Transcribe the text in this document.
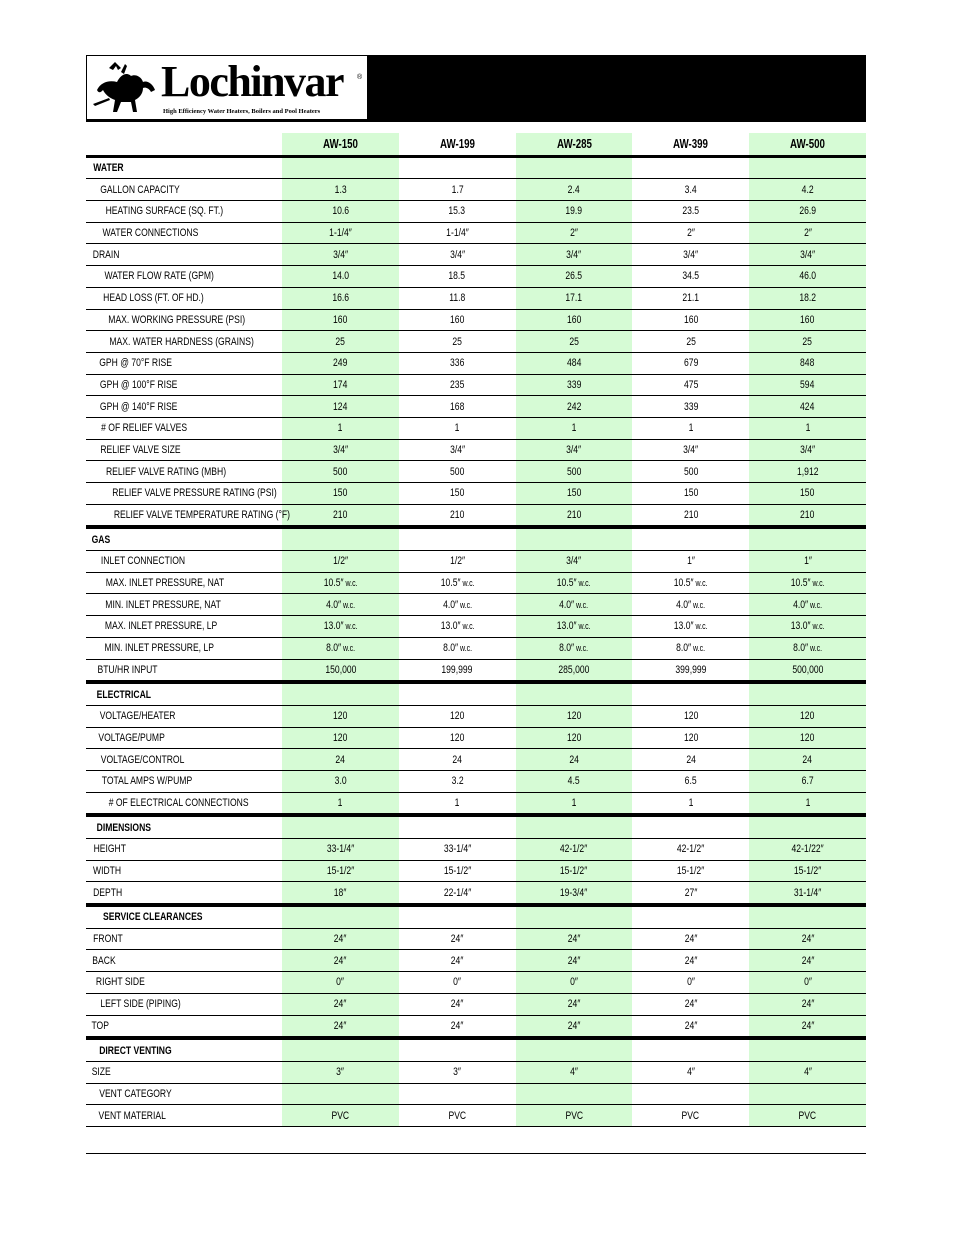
Lochinvar ®
High Efficiency Water Heaters, Boilers and Pool Heaters
AW-150	AW-199	AW-285	AW-399	AW-500
WATER
GALLON CAPACITY	1.3	1.7	2.4	3.4	4.2
HEATING SURFACE (SQ. FT.)	10.6	15.3	19.9	23.5	26.9
WATER CONNECTIONS	1-1/4″	1-1/4″	2″	2″	2″
DRAIN	3/4″	3/4″	3/4″	3/4″	3/4″
WATER FLOW RATE (GPM)	14.0	18.5	26.5	34.5	46.0
HEAD LOSS (FT. OF HD.)	16.6	11.8	17.1	21.1	18.2
MAX. WORKING PRESSURE (PSI)	160	160	160	160	160
MAX. WATER HARDNESS (GRAINS)	25	25	25	25	25
GPH @ 70°F RISE	249	336	484	679	848
GPH @ 100°F RISE	174	235	339	475	594
GPH @ 140°F RISE	124	168	242	339	424
# OF RELIEF VALVES	1	1	1	1	1
RELIEF VALVE SIZE	3/4″	3/4″	3/4″	3/4″	3/4″
RELIEF VALVE RATING (MBH)	500	500	500	500	1,912
RELIEF VALVE PRESSURE RATING (PSI)	150	150	150	150	150
RELIEF VALVE TEMPERATURE RATING (°F)	210	210	210	210	210
GAS
INLET CONNECTION	1/2″	1/2″	3/4″	1″	1″
MAX. INLET PRESSURE, NAT	10.5″ w.c.	10.5″ w.c.	10.5″ w.c.	10.5″ w.c.	10.5″ w.c.
MIN. INLET PRESSURE, NAT	4.0″ w.c.	4.0″ w.c.	4.0″ w.c.	4.0″ w.c.	4.0″ w.c.
MAX. INLET PRESSURE, LP	13.0″ w.c.	13.0″ w.c.	13.0″ w.c.	13.0″ w.c.	13.0″ w.c.
MIN. INLET PRESSURE, LP	8.0″ w.c.	8.0″ w.c.	8.0″ w.c.	8.0″ w.c.	8.0″ w.c.
BTU/HR INPUT	150,000	199,999	285,000	399,999	500,000
ELECTRICAL
VOLTAGE/HEATER	120	120	120	120	120
VOLTAGE/PUMP	120	120	120	120	120
VOLTAGE/CONTROL	24	24	24	24	24
TOTAL AMPS W/PUMP	3.0	3.2	4.5	6.5	6.7
# OF ELECTRICAL CONNECTIONS	1	1	1	1	1
DIMENSIONS
HEIGHT	33-1/4″	33-1/4″	42-1/2″	42-1/2″	42-1/22″
WIDTH	15-1/2″	15-1/2″	15-1/2″	15-1/2″	15-1/2″
DEPTH	18″	22-1/4″	19-3/4″	27″	31-1/4″
SERVICE CLEARANCES
FRONT	24″	24″	24″	24″	24″
BACK	24″	24″	24″	24″	24″
RIGHT SIDE	0″	0″	0″	0″	0″
LEFT SIDE (PIPING)	24″	24″	24″	24″	24″
TOP	24″	24″	24″	24″	24″
DIRECT VENTING
SIZE	3″	3″	4″	4″	4″
VENT CATEGORY
VENT MATERIAL	PVC	PVC	PVC	PVC	PVC
